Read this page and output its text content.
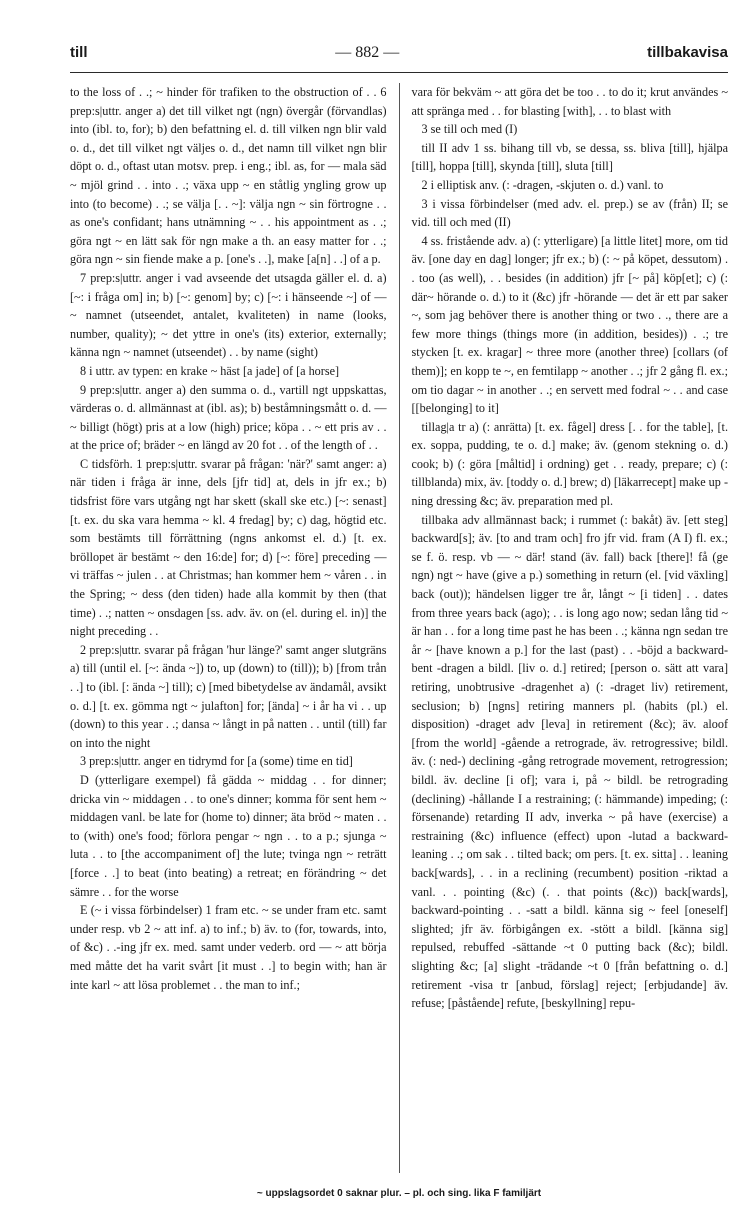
till	— 882 —	tillbakavisa

to the loss of . .; ~ hinder för trafiken to the obstruction of . . 6 prep:s|uttr. anger a) det till vilket ngt (ngn) övergår (förvandlas) into (ibl. to, for); b) den befattning el. d. till vilken ngn blir vald o. d., det till vilket ngt väljes o. d., det namn till vilket ngn blir döpt o. d., oftast utan motsv. prep. i eng.; ibl. as, for — mala säd ~ mjöl grind . . into . .; växa upp ~ en ståtlig yngling grow up into (to become) . .; se välja [. . ~]: välja ngn ~ sin förtrogne . . as one's confidant; hans utnämning ~ . . his appointment as . .; göra ngt ~ en lätt sak för ngn make a th. an easy matter for . .; göra ngn ~ sin fiende make a p. [one's . .], make [a[n] . .] of a p.

7 prep:s|uttr. anger i vad avseende det utsagda gäller el. d. a) [~: i fråga om] in; b) [~: genom] by; c) [~: i hänseende ~] of — ~ namnet (utseendet, antalet, kvaliteten) in name (looks, number, quality); ~ det yttre in one's (its) exterior, externally; känna ngn ~ namnet (utseendet) . . by name (sight)

8 i uttr. av typen: en krake ~ häst [a jade] of [a horse]

9 prep:s|uttr. anger a) den summa o. d., vartill ngt uppskattas, värderas o. d. allmännast at (ibl. as); b) beståmningsmått o. d. — ~ billigt (högt) pris at a low (high) price; köpa . . ~ ett pris av . . at the price of; bräder ~ en längd av 20 fot . . of the length of . .

C tidsförh. 1 prep:s|uttr. svarar på frågan: 'när?' samt anger: a) när tiden i fråga är inne, dels [jfr tid] at, dels in jfr ex.; b) tidsfrist före vars utgång ngt har skett (skall ske etc.) [~: senast] [t. ex. du ska vara hemma ~ kl. 4 fredag] by; c) dag, högtid etc. som bestämts till förrättning (ngns ankomst el. d.) [t. ex. bröllopet är bestämt ~ den 16:de] for; d) [~: före] preceding — vi träffas ~ julen . . at Christmas; han kommer hem ~ våren . . in the Spring; ~ dess (den tiden) hade alla kommit by then (that time) . .; natten ~ onsdagen [ss. adv. äv. on (el. during el. in)] the night preceding . .

2 prep:s|uttr. svarar på frågan 'hur länge?' samt anger slutgräns a) till (until el. [~: ända ~]) to, up (down) to (till)); b) [from trån . .] to (ibl. [: ända ~] till); c) [med bibetydelse av ändamål, avsikt o. d.] [t. ex. gömma ngt ~ julafton] for; [ända] ~ i år ha vi . . up (down) to this year . .; dansa ~ långt in på natten . . until (till) far on into the night

3 prep:s|uttr. anger en tidrymd for [a (some) time en tid]

D (ytterligare exempel) få gädda ~ middag . . for dinner; dricka vin ~ middagen . . to one's dinner; komma för sent hem ~ middagen vanl. be late for (home to) dinner; äta bröd ~ maten . . to (with) one's food; förlora pengar ~ ngn . . to a p.; sjunga ~ luta . . to [the accompaniment of] the lute; tvinga ngn ~ reträtt [force . .] to beat (into beating) a retreat; en förändring ~ det sämre . . for the worse

E (~ i vissa förbindelser) 1 fram etc. ~ se under fram etc. samt under resp. vb 2 ~ att inf. a) to inf.; b) äv. to (for, towards, into, of &c) . .-ing jfr ex. med. samt under vederb. ord — ~ att börja med måtte det ha varit svårt [it must . .] to begin with; han är inte karl ~ att lösa problemet . . the man to inf.;

vara för bekväm ~ att göra det be too . . to do it; krut användes ~ att spränga med . . for blasting [with], . . to blast with

3 se till och med (I)

till II adv 1 ss. bihang till vb, se dessa, ss. bliva [till], hjälpa [till], hoppa [till], skynda [till], sluta [till]

2 i elliptisk anv. (: -dragen, -skjuten o. d.) vanl. to

3 i vissa förbindelser (med adv. el. prep.) se av (från) II; se vid. till och med (II)

4 ss. fristående adv. a) (: ytterligare) [a little litet] more, om tid äv. [one day en dag] longer; jfr ex.; b) (: ~ på köpet, dessutom) . . too (as well), . . besides (in addition) jfr [~ på] köp[et]; c) (: där~ hörande o. d.) to it (&c) jfr -hörande — det är ett par saker ~, som jag behöver there is another thing or two . ., there are a few more things (things more (in addition, besides)) . .; tre stycken [t. ex. kragar] ~ three more (another three) [collars (of them)]; en kopp te ~, en femtilapp ~ another . .; jfr 2 gång fl. ex.; om tio dagar ~ in another . .; en servett med fodral ~ . . and case [[belonging] to it]

tillag|a tr a) (: anrätta) [t. ex. fågel] dress [. . for the table], [t. ex. soppa, pudding, te o. d.] make; äv. (genom stekning o. d.) cook; b) (: göra [måltid] i ordning) get . . ready, prepare; c) (: tillblanda) mix, äv. [toddy o. d.] brew; d) [läkarrecept] make up -ning dressing &c; äv. preparation med pl.

tillbaka adv allmännast back; i rummet (: bakåt) äv. [ett steg] backward[s]; äv. [to and tram och] fro jfr vid. fram (A I) fl. ex.; se f. ö. resp. vb — ~ där! stand (äv. fall) back [there]! få (ge ngn) ngt ~ have (give a p.) something in return (el. [vid växling] back (out)); händelsen ligger tre år, långt ~ [i tiden] . . dates from three years back (ago); . . is long ago now; sedan lång tid ~ är han . . for a long time past he has been . .; känna ngn sedan tre år ~ [have known a p.] for the last (past) . . -böjd a backward-bent -dragen a bildl. [liv o. d.] retired; [person o. sätt att vara] retiring, unobtrusive -dragenhet a) (: -draget liv) retirement, seclusion; b) [ngns] retiring manners pl. (habits (pl.) el. disposition) -draget adv [leva] in retirement (&c); äv. aloof [from the world] -gående a retrograde, äv. retrogressive; bildl. äv. (: ned-) declining -gång retrograde movement, retrogression; bildl. äv. decline [i of]; vara i, på ~ bildl. be retrograding (declining) -hållande I a restraining; (: hämmande) impeding; (: försenande) retarding II adv, inverka ~ på have (exercise) a restraining (&c) influence (effect) upon -lutad a backward-leaning . .; om sak . . tilted back; om pers. [t. ex. sitta] . . leaning back[wards], . . in a reclining (recumbent) position -riktad a vanl. . . pointing (&c) (. . that points (&c)) back[wards], backward-pointing . . -satt a bildl. känna sig ~ feel [oneself] slighted; jfr äv. förbigången ex. -stött a bildl. [känna sig] repulsed, rebuffed -sättande ~t 0 putting back (&c); bildl. slighting &c; [a] slight -trädande ~t 0 [från befattning o. d.] retirement -visa tr [anbud, förslag] reject; [erbjudande] äv. refuse; [påstående] refute, [beskyllning] repu-

~ uppslagsordet 0 saknar plur. – pl. och sing. lika F familjärt
